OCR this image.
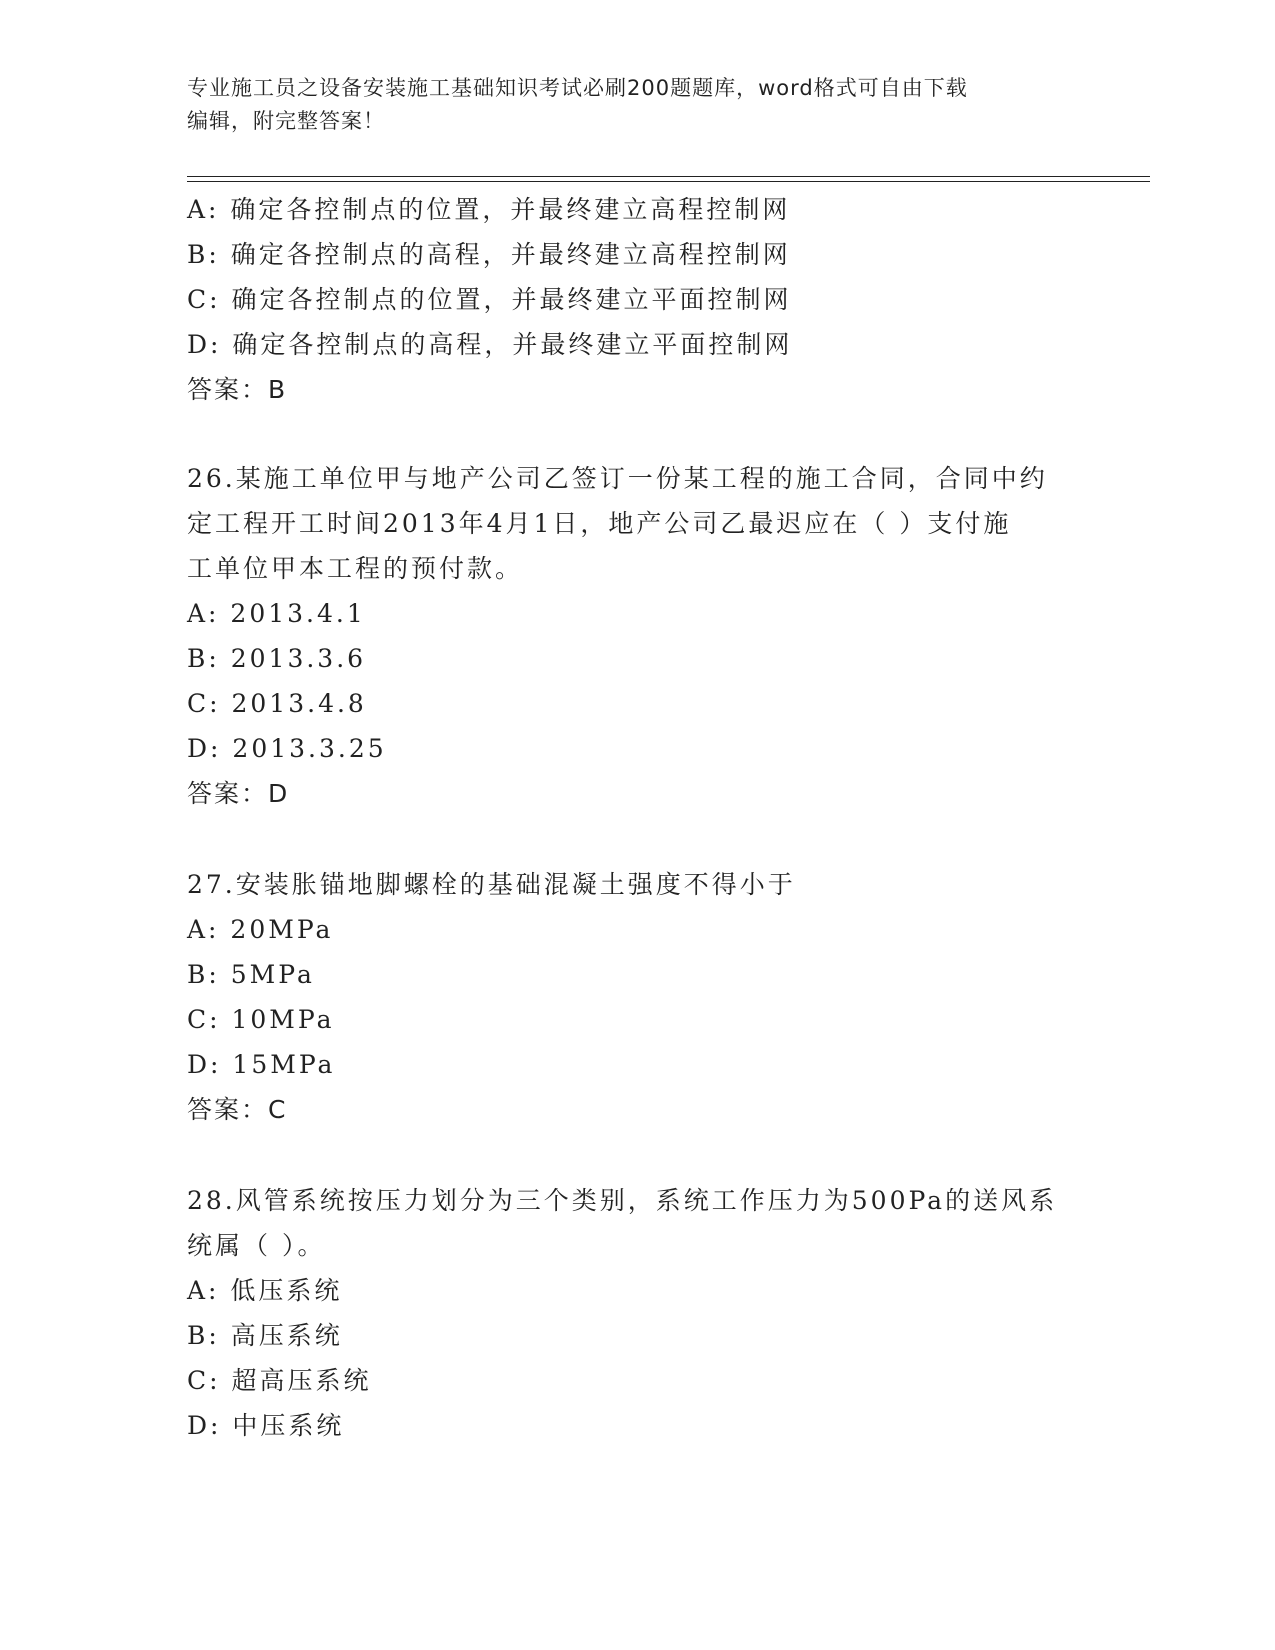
专业施工员之设备安装施工基础知识考试必刷200题题库，word格式可自由下载
编辑，附完整答案！
A: 确定各控制点的位置，并最终建立高程控制网
B: 确定各控制点的高程，并最终建立高程控制网
C: 确定各控制点的位置，并最终建立平面控制网
D: 确定各控制点的高程，并最终建立平面控制网
答案：B
26.某施工单位甲与地产公司乙签订一份某工程的施工合同，合同中约
定工程开工时间2013年4月1日，地产公司乙最迟应在（ ）支付施
工单位甲本工程的预付款。
A: 2013.4.1
B: 2013.3.6
C: 2013.4.8
D: 2013.3.25
答案：D
27.安装胀锚地脚螺栓的基础混凝土强度不得小于
A: 20MPa
B: 5MPa
C: 10MPa
D: 15MPa
答案：C
28.风管系统按压力划分为三个类别，系统工作压力为500Pa的送风系
统属（ ）。
A: 低压系统
B: 高压系统
C: 超高压系统
D: 中压系统
